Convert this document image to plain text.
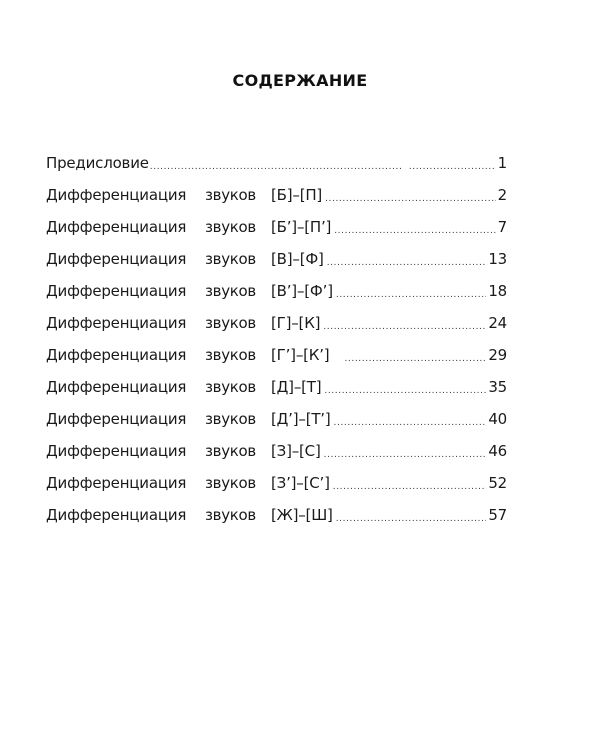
СОДЕРЖАНИЕ
Предисловие ..... .....	1
Дифференциация	звуков	[Б]–[П] .....	2
Дифференциация	звуков	[Б’]–[П’] .....	7
Дифференциация	звуков	[В]–[Ф] .....	13
Дифференциация	звуков	[В’]–[Ф’] .....	18
Дифференциация	звуков	[Г]–[К] .....	24
Дифференциация	звуков	[Г’]–[К’] .....	29
Дифференциация	звуков	[Д]–[Т] .....	35
Дифференциация	звуков	[Д’]–[Т’] .....	40
Дифференциация	звуков	[З]–[С] .....	46
Дифференциация	звуков	[З’]–[С’] .....	52
Дифференциация	звуков	[Ж]–[Ш] .....	57
